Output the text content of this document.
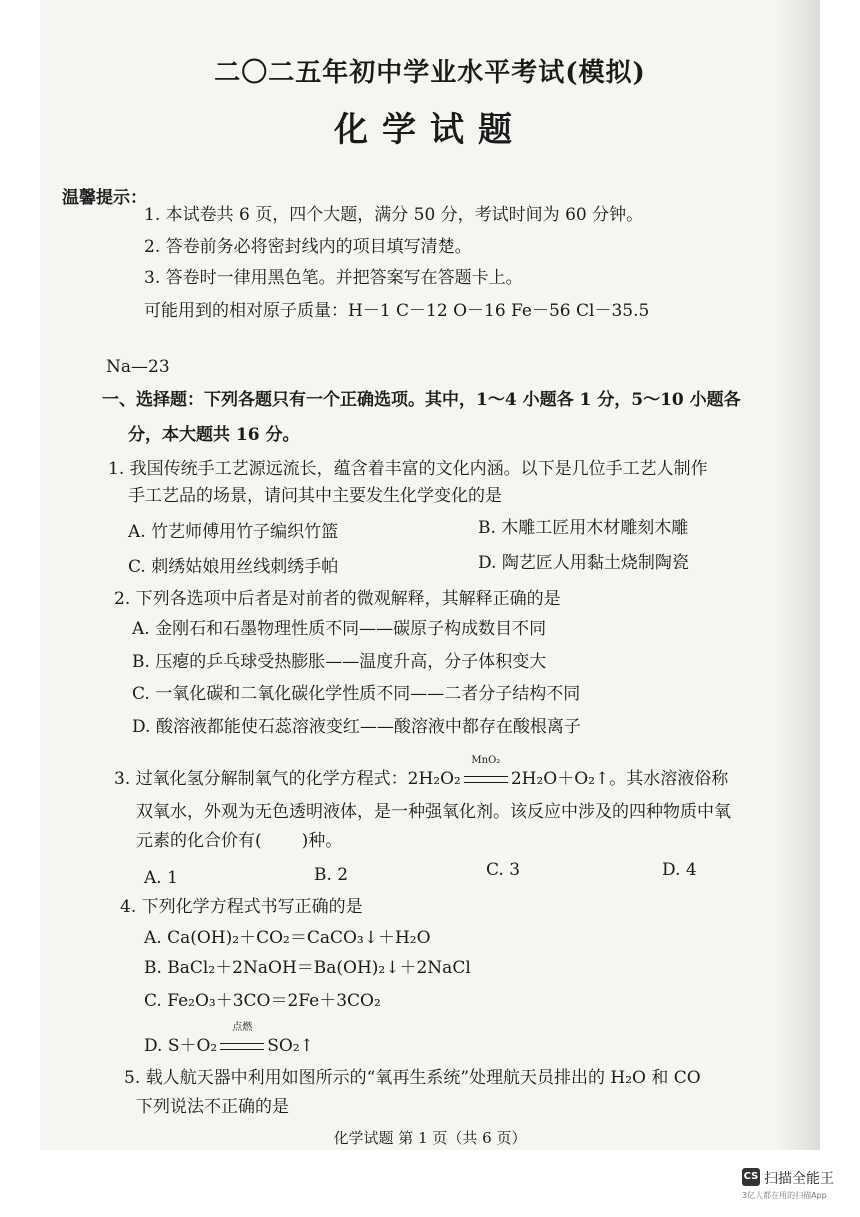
二〇二五年初中学业水平考试(模拟)
化学试题
温馨提示：
1. 本试卷共 6 页，四个大题，满分 50 分，考试时间为 60 分钟。
2. 答卷前务必将密封线内的项目填写清楚。
3. 答卷时一律用黑色笔。并把答案写在答题卡上。
可能用到的相对原子质量：H－1 C－12 O－16 Fe－56 Cl－35.5
Na—23
一、选择题：下列各题只有一个正确选项。其中，1～4 小题各 1 分，5～10 小题各
分，本大题共 16 分。
1. 我国传统手工艺源远流长，蕴含着丰富的文化内涵。以下是几位手工艺人制作
手工艺品的场景，请问其中主要发生化学变化的是
A. 竹艺师傅用竹子编织竹篮	B. 木雕工匠用木材雕刻木雕
C. 刺绣姑娘用丝线刺绣手帕	D. 陶艺匠人用黏土烧制陶瓷
2. 下列各选项中后者是对前者的微观解释，其解释正确的是
A. 金刚石和石墨物理性质不同——碳原子构成数目不同
B. 压瘪的乒乓球受热膨胀——温度升高，分子体积变大
C. 一氧化碳和二氧化碳化学性质不同——二者分子结构不同
D. 酸溶液都能使石蕊溶液变红——酸溶液中都存在酸根离子
3. 过氧化氢分解制氧气的化学方程式：2H₂O₂
MnO₂
2H₂O＋O₂↑。其水溶液俗称
双氧水，外观为无色透明液体，是一种强氧化剂。该反应中涉及的四种物质中氧
元素的化合价有( )种。
A. 1	B. 2	C. 3	D. 4
4. 下列化学方程式书写正确的是
A. Ca(OH)₂＋CO₂＝CaCO₃↓＋H₂O
B. BaCl₂＋2NaOH＝Ba(OH)₂↓＋2NaCl
C. Fe₂O₃＋3CO＝2Fe＋3CO₂
D. S＋O₂
点燃
SO₂↑
5. 载人航天器中利用如图所示的“氧再生系统”处理航天员排出的 H₂O 和 CO
下列说法不正确的是
化学试题 第 1 页（共 6 页）
CS 扫描全能王
3亿人都在用的扫描App
